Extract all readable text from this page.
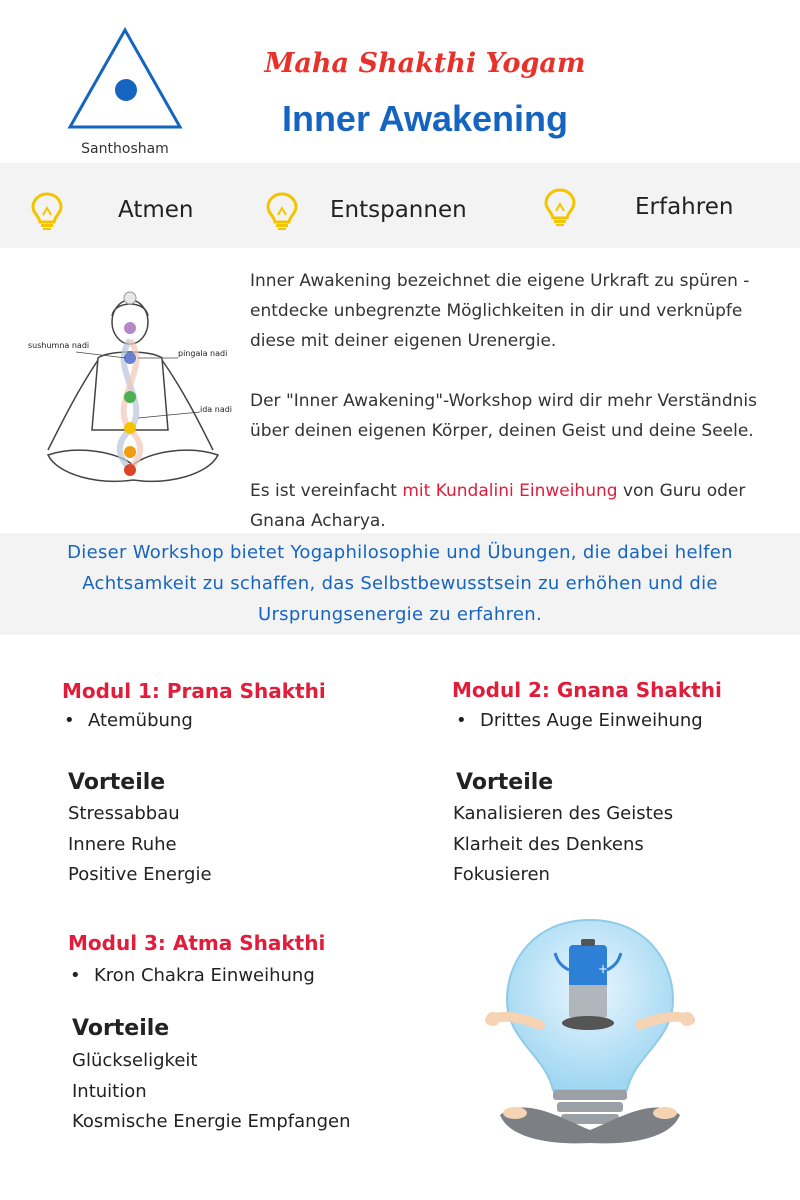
Santhosham
Maha Shakthi Yogam
Inner Awakening
Atmen	Entspannen	Erfahren
sushumna nadi
pingala nadi
ida nadi

Inner Awakening bezeichnet die eigene Urkraft zu spüren - entdecke unbegrenzte Möglichkeiten in dir und verknüpfe diese mit deiner eigenen Urenergie.

Der "Inner Awakening"-Workshop wird dir mehr Verständnis über deinen eigenen Körper, deinen Geist und deine Seele.

Es ist vereinfacht mit Kundalini Einweihung von Guru oder Gnana Acharya.

Dieser Workshop bietet Yogaphilosophie und Übungen, die dabei helfen Achtsamkeit zu schaffen, das Selbstbewusstsein zu erhöhen und die Ursprungsenergie zu erfahren.
Modul 1: Prana Shakthi
• Atemübung
Vorteile
Stressabbau
Innere Ruhe
Positive Energie
Modul 2: Gnana Shakthi
• Drittes Auge Einweihung
Vorteile
Kanalisieren des Geistes
Klarheit des Denkens
Fokusieren
Modul 3: Atma Shakthi
• Kron Chakra Einweihung
Vorteile
Glückseligkeit
Intuition
Kosmische Energie Empfangen
+
